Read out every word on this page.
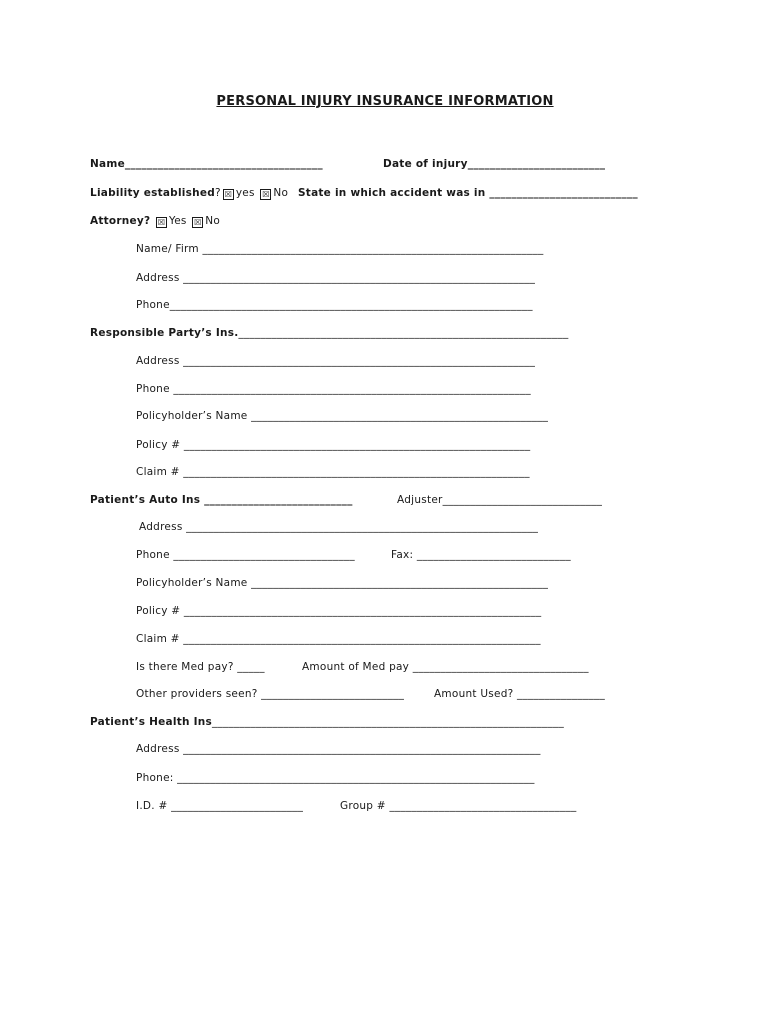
PERSONAL INJURY INSURANCE INFORMATION
Name____________________________________	Date of injury_________________________
Liability established? ☒ yes ☒ No State in which accident was in ___________________________
Attorney? ☒ Yes ☒ No
Name/ Firm ______________________________________________________________
Address ________________________________________________________________
Phone__________________________________________________________________
Responsible Party’s Ins.____________________________________________________________
Address ________________________________________________________________
Phone _________________________________________________________________
Policyholder’s Name ______________________________________________________
Policy # _______________________________________________________________
Claim # _______________________________________________________________
Patient’s Auto Ins ___________________________	Adjuster_____________________________
Address ________________________________________________________________
Phone _________________________________	Fax: ____________________________
Policyholder’s Name ______________________________________________________
Policy # _________________________________________________________________
Claim # _________________________________________________________________
Is there Med pay? _____	Amount of Med pay ________________________________
Other providers seen? __________________________	Amount Used? ________________
Patient’s Health Ins________________________________________________________________
Address _________________________________________________________________
Phone: _________________________________________________________________
I.D. # ________________________	Group # __________________________________
